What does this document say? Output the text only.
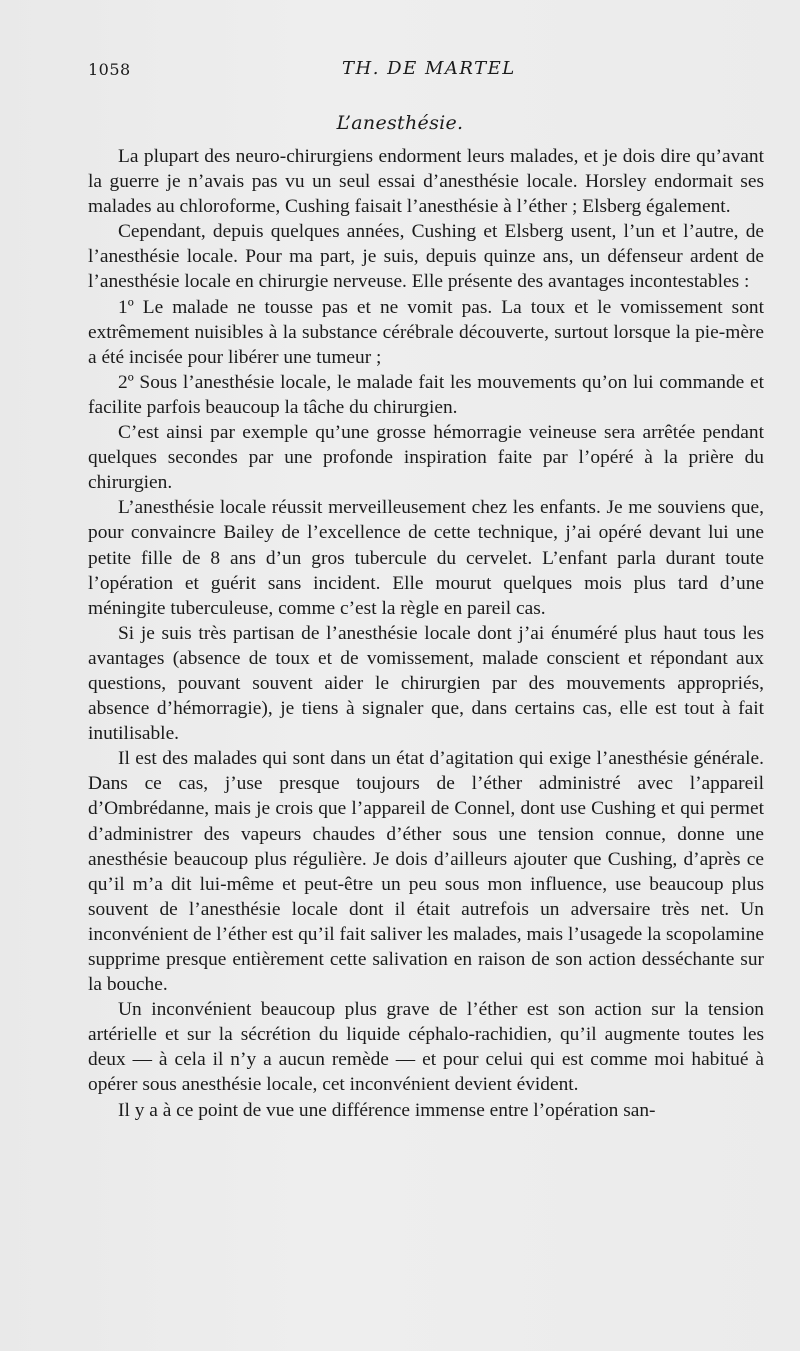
1058	TH. DE MARTEL
L’anesthésie.

La plupart des neuro-chirurgiens endorment leurs malades, et je dois dire qu’avant la guerre je n’avais pas vu un seul essai d’anesthésie locale. Horsley endormait ses malades au chloroforme, Cushing faisait l’anesthésie à l’éther ; Elsberg également.

Cependant, depuis quelques années, Cushing et Elsberg usent, l’un et l’autre, de l’anesthésie locale. Pour ma part, je suis, depuis quinze ans, un défenseur ardent de l’anesthésie locale en chirurgie nerveuse. Elle présente des avantages incontestables :

1º Le malade ne tousse pas et ne vomit pas. La toux et le vomissement sont extrêmement nuisibles à la substance cérébrale découverte, surtout lorsque la pie-mère a été incisée pour libérer une tumeur ;

2º Sous l’anesthésie locale, le malade fait les mouvements qu’on lui commande et facilite parfois beaucoup la tâche du chirurgien.

C’est ainsi par exemple qu’une grosse hémorragie veineuse sera arrêtée pendant quelques secondes par une profonde inspiration faite par l’opéré à la prière du chirurgien.

L’anesthésie locale réussit merveilleusement chez les enfants. Je me souviens que, pour convaincre Bailey de l’excellence de cette technique, j’ai opéré devant lui une petite fille de 8 ans d’un gros tubercule du cervelet. L’enfant parla durant toute l’opération et guérit sans incident. Elle mourut quelques mois plus tard d’une méningite tuberculeuse, comme c’est la règle en pareil cas.

Si je suis très partisan de l’anesthésie locale dont j’ai énuméré plus haut tous les avantages (absence de toux et de vomissement, malade conscient et répondant aux questions, pouvant souvent aider le chirurgien par des mouvements appropriés, absence d’hémorragie), je tiens à signaler que, dans certains cas, elle est tout à fait inutilisable.

Il est des malades qui sont dans un état d’agitation qui exige l’anesthésie générale. Dans ce cas, j’use presque toujours de l’éther administré avec l’appareil d’Ombrédanne, mais je crois que l’appareil de Connel, dont use Cushing et qui permet d’administrer des vapeurs chaudes d’éther sous une tension connue, donne une anesthésie beaucoup plus régulière. Je dois d’ailleurs ajouter que Cushing, d’après ce qu’il m’a dit lui-même et peut-être un peu sous mon influence, use beaucoup plus souvent de l’anesthésie locale dont il était autrefois un adversaire très net. Un inconvénient de l’éther est qu’il fait saliver les malades, mais l’usagede la scopolamine supprime presque entièrement cette salivation en raison de son action desséchante sur la bouche.

Un inconvénient beaucoup plus grave de l’éther est son action sur la tension artérielle et sur la sécrétion du liquide céphalo-rachidien, qu’il augmente toutes les deux — à cela il n’y a aucun remède — et pour celui qui est comme moi habitué à opérer sous anesthésie locale, cet inconvénient devient évident.

Il y a à ce point de vue une différence immense entre l’opération san-
